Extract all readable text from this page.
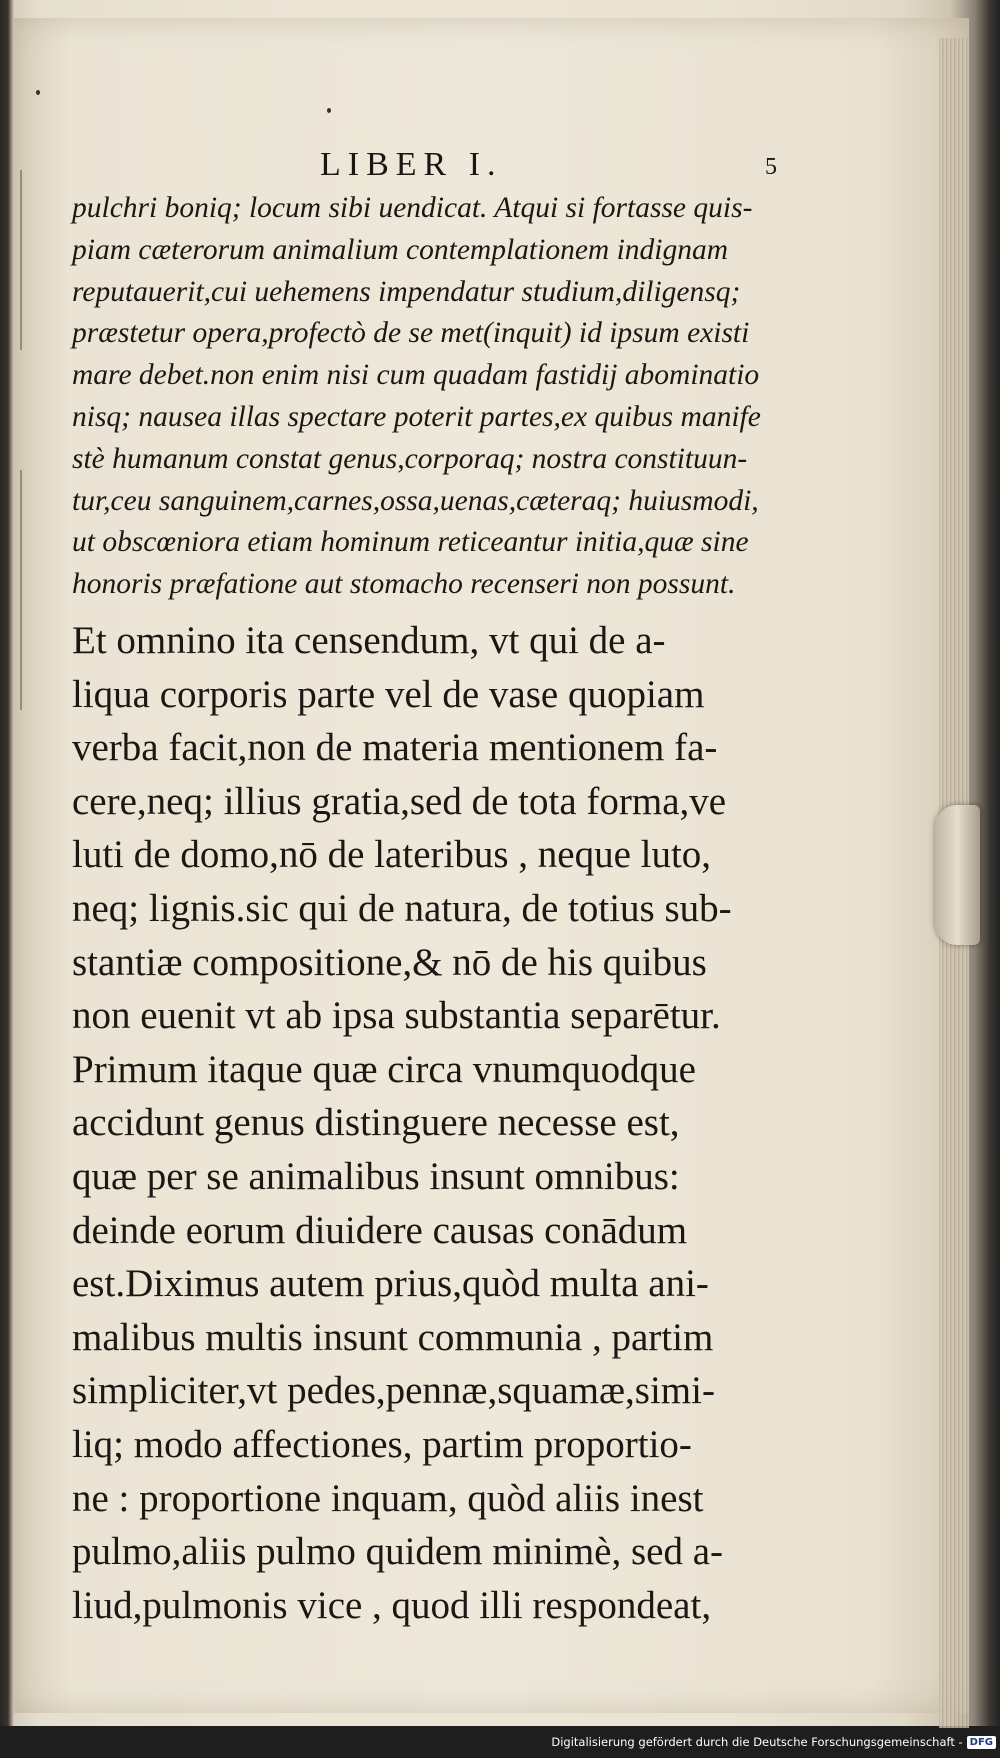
LIBER I.	5
pulchri boniq; locum sibi uendicat. Atqui si fortasse quis-
piam cæterorum animalium contemplationem indignam
reputauerit,cui uehemens impendatur studium,diligensq;
præstetur opera,profectò de se met(inquit) id ipsum existi
mare debet.non enim nisi cum quadam fastidij abominatio
nisq; nausea illas spectare poterit partes,ex quibus manife
stè humanum constat genus,corporaq; nostra constituun-
tur,ceu sanguinem,carnes,ossa,uenas,cæteraq; huiusmodi,
ut obscœniora etiam hominum reticeantur initia,quæ sine
honoris præfatione aut stomacho recenseri non possunt.
Et omnino ita censendum, vt qui de a-
liqua corporis parte vel de vase quopiam
verba facit,non de materia mentionem fa-
cere,neq; illius gratia,sed de tota forma,ve
luti de domo,nō de lateribus , neque luto,
neq; lignis.sic qui de natura, de totius sub-
stantiæ compositione,& nō de his quibus
non euenit vt ab ipsa substantia separētur.
Primum itaque quæ circa vnumquodque
accidunt genus distinguere necesse est,
quæ per se animalibus insunt omnibus:
deinde eorum diuidere causas conādum
est.Diximus autem prius,quòd multa ani-
malibus multis insunt communia , partim
simpliciter,vt pedes,pennæ,squamæ,simi-
liq; modo affectiones, partim proportio-
ne : proportione inquam, quòd aliis inest
pulmo,aliis pulmo quidem minimè, sed a-
liud,pulmonis vice , quod illi respondeat,
Digitalisierung gefördert durch die Deutsche Forschungsgemeinschaft - DFG
